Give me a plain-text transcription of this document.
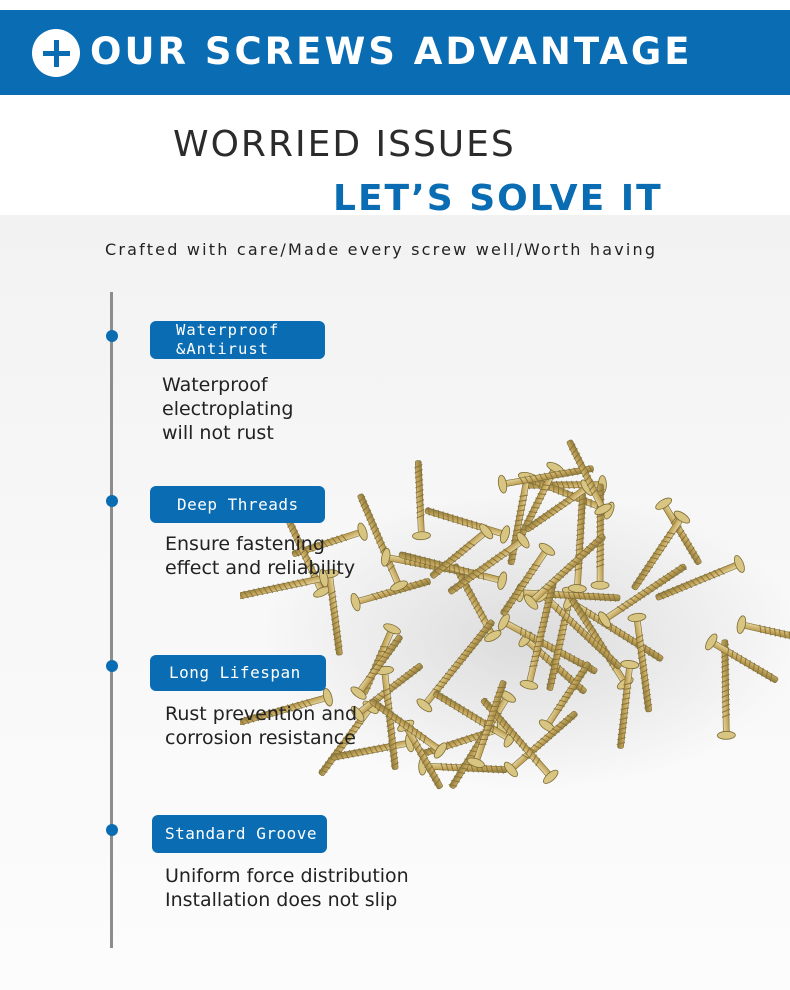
OUR SCREWS ADVANTAGE
WORRIED ISSUES
LET’S SOLVE IT
Crafted with care/Made every screw well/Worth having
Waterproof
&Antirust
Waterproof
electroplating
will not rust
Deep Threads
Ensure fastening
effect and reliability
Long Lifespan
Rust prevention and
corrosion resistance
Standard Groove
Uniform force distribution
Installation does not slip
